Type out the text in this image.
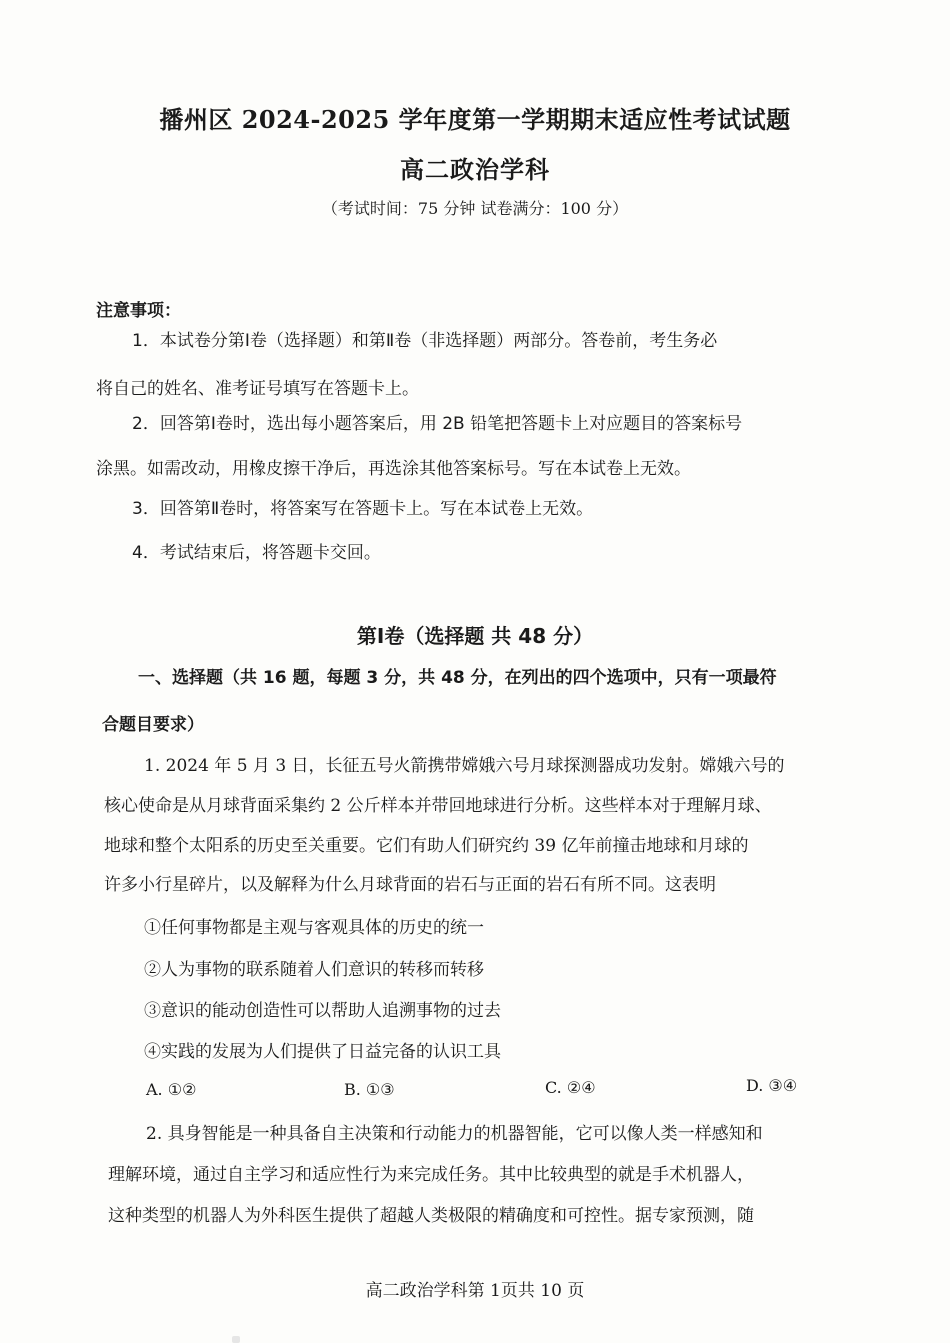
播州区 2024-2025 学年度第一学期期末适应性考试试题
高二政治学科
（考试时间：75 分钟 试卷满分：100 分）
注意事项：
1．本试卷分第Ⅰ卷（选择题）和第Ⅱ卷（非选择题）两部分。答卷前，考生务必
将自己的姓名、准考证号填写在答题卡上。
2．回答第Ⅰ卷时，选出每小题答案后，用 2B 铅笔把答题卡上对应题目的答案标号
涂黑。如需改动，用橡皮擦干净后，再选涂其他答案标号。写在本试卷上无效。
3．回答第Ⅱ卷时，将答案写在答题卡上。写在本试卷上无效。
4．考试结束后，将答题卡交回。
第Ⅰ卷（选择题 共 48 分）
一、选择题（共 16 题，每题 3 分，共 48 分，在列出的四个选项中，只有一项最符
合题目要求）
1. 2024 年 5 月 3 日，长征五号火箭携带嫦娥六号月球探测器成功发射。嫦娥六号的
核心使命是从月球背面采集约 2 公斤样本并带回地球进行分析。这些样本对于理解月球、
地球和整个太阳系的历史至关重要。它们有助人们研究约 39 亿年前撞击地球和月球的
许多小行星碎片，以及解释为什么月球背面的岩石与正面的岩石有所不同。这表明
①任何事物都是主观与客观具体的历史的统一
②人为事物的联系随着人们意识的转移而转移
③意识的能动创造性可以帮助人追溯事物的过去
④实践的发展为人们提供了日益完备的认识工具
A. ①②	B. ①③	C. ②④	D. ③④
2. 具身智能是一种具备自主决策和行动能力的机器智能，它可以像人类一样感知和
理解环境，通过自主学习和适应性行为来完成任务。其中比较典型的就是手术机器人，
这种类型的机器人为外科医生提供了超越人类极限的精确度和可控性。据专家预测，随
高二政治学科第 1页共 10 页
